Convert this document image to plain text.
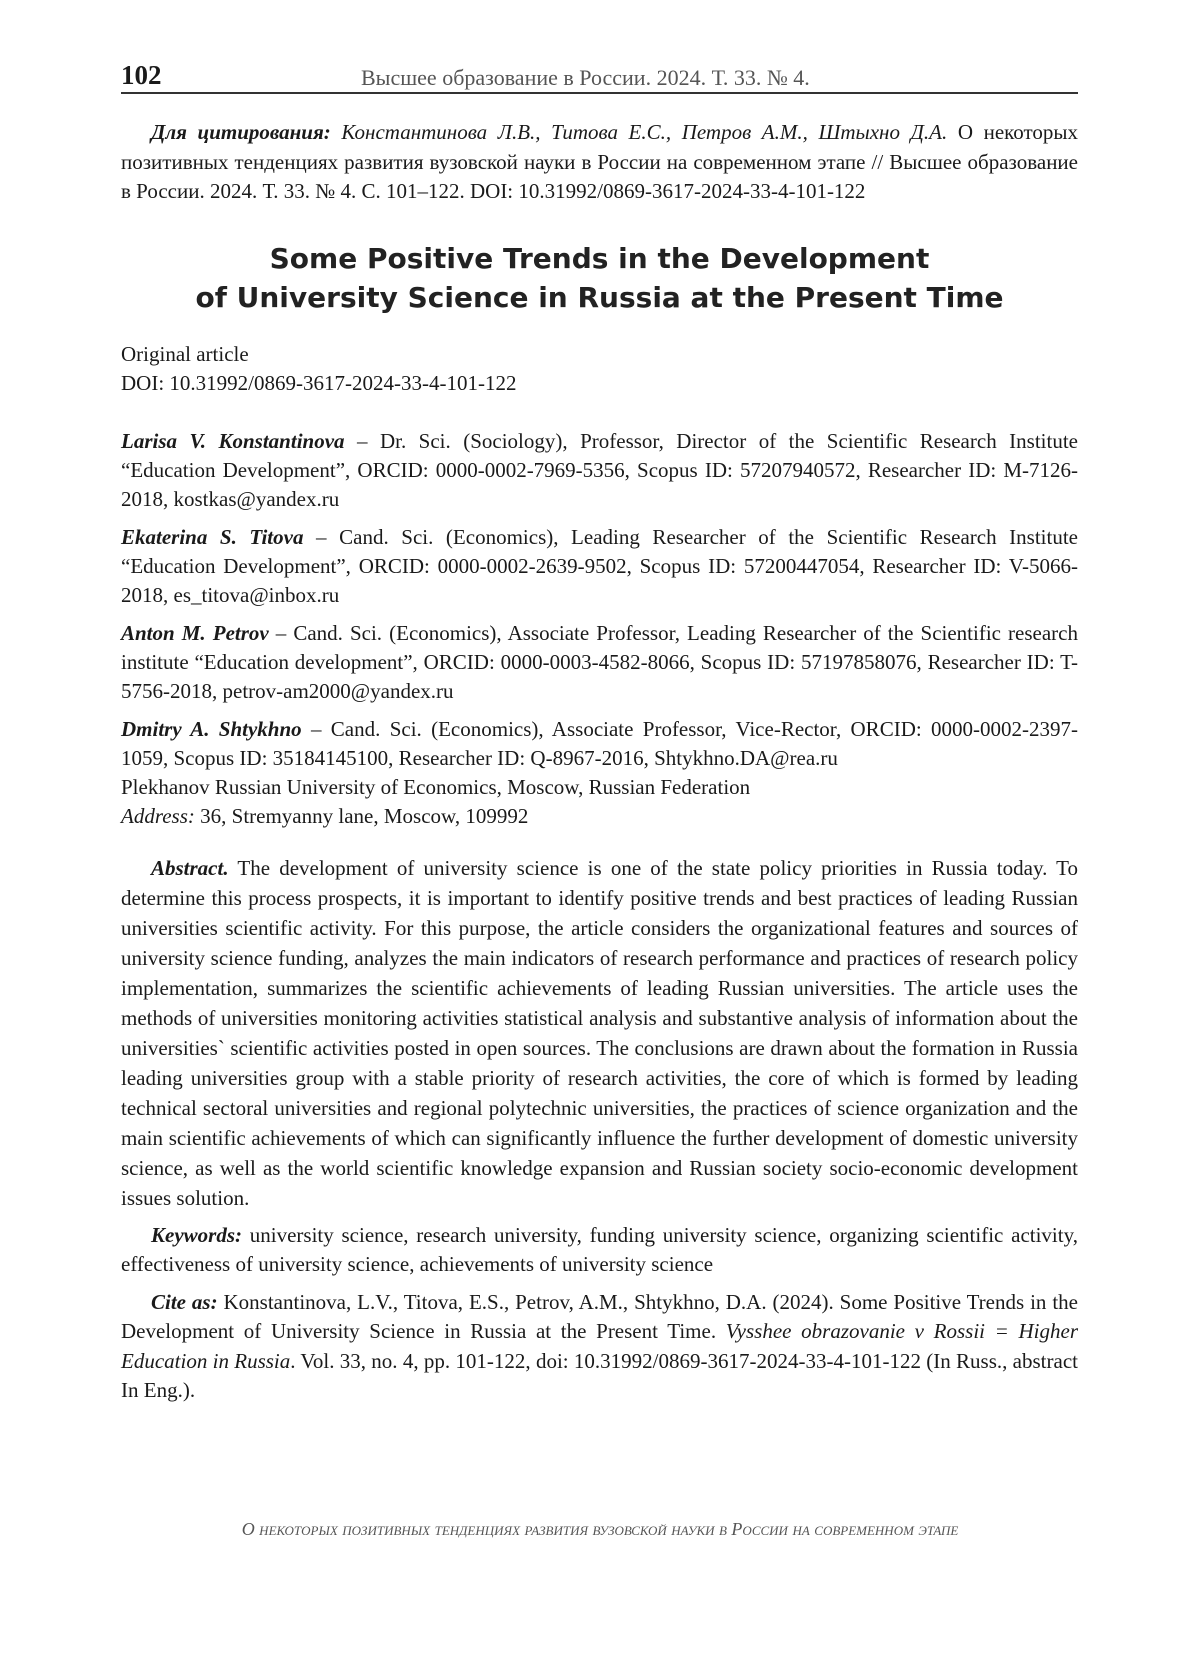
102	Высшее образование в России. 2024. Т. 33. № 4.

Для цитирования: Константинова Л.В., Титова Е.С., Петров А.М., Штыхно Д.А. О некоторых позитивных тенденциях развития вузовской науки в России на современном этапе // Высшее образование в России. 2024. Т. 33. № 4. С. 101–122. DOI: 10.31992/0869-3617-2024-33-4-101-122

Some Positive Trends in the Development
of University Science in Russia at the Present Time
Original article
DOI: 10.31992/0869-3617-2024-33-4-101-122
Larisa V. Konstantinova – Dr. Sci. (Sociology), Professor, Director of the Scientific Research Institute “Education Development”, ORCID: 0000-0002-7969-5356, Scopus ID: 57207940572, Researcher ID: M-7126-2018, kostkas@yandex.ru
Ekaterina S. Titova – Cand. Sci. (Economics), Leading Researcher of the Scientific Research Institute “Education Development”, ORCID: 0000-0002-2639-9502, Scopus ID: 57200447054, Researcher ID: V-5066-2018, es_titova@inbox.ru
Anton M. Petrov – Cand. Sci. (Economics), Associate Professor, Leading Researcher of the Scientific research institute “Education development”, ORCID: 0000-0003-4582-8066, Scopus ID: 57197858076, Researcher ID: T-5756-2018, petrov-am2000@yandex.ru
Dmitry A. Shtykhno – Cand. Sci. (Economics), Associate Professor, Vice-Rector, ORCID: 0000-0002-2397-1059, Scopus ID: 35184145100, Researcher ID: Q-8967-2016, Shtykhno.DA@rea.ru
Plekhanov Russian University of Economics, Moscow, Russian Federation
Address: 36, Stremyanny lane, Moscow, 109992

Abstract. The development of university science is one of the state policy priorities in Russia today. To determine this process prospects, it is important to identify positive trends and best practices of leading Russian universities scientific activity. For this purpose, the article considers the organizational features and sources of university science funding, analyzes the main indicators of research performance and practices of research policy implementation, summarizes the scientific achievements of leading Russian universities. The article uses the methods of universities monitoring activities statistical analysis and substantive analysis of information about the universities` scientific activities posted in open sources. The conclusions are drawn about the formation in Russia leading universities group with a stable priority of research activities, the core of which is formed by leading technical sectoral universities and regional polytechnic universities, the practices of science organization and the main scientific achievements of which can significantly influence the further development of domestic university science, as well as the world scientific knowledge expansion and Russian society socio-economic development issues solution.

Keywords: university science, research university, funding university science, organizing scientific activity, effectiveness of university science, achievements of university science

Cite as: Konstantinova, L.V., Titova, E.S., Petrov, A.M., Shtykhno, D.A. (2024). Some Positive Trends in the Development of University Science in Russia at the Present Time. Vysshee obrazovanie v Rossii = Higher Education in Russia. Vol. 33, no. 4, pp. 101-122, doi: 10.31992/0869-3617-2024-33-4-101-122 (In Russ., abstract In Eng.).

О некоторых позитивных тенденциях развития вузовской науки в России на современном этапе
